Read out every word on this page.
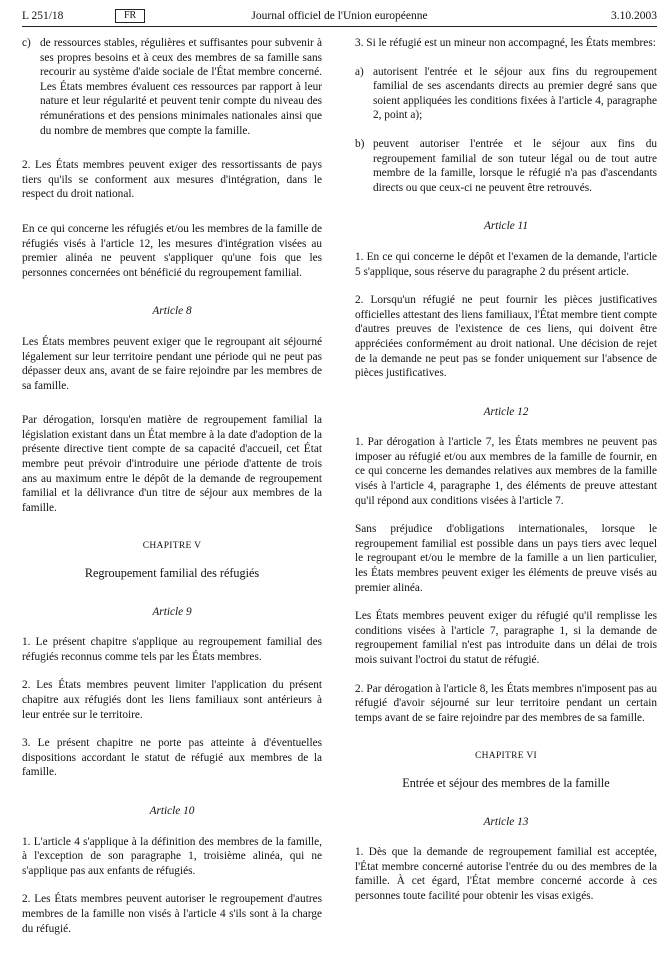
L 251/18	FR	Journal officiel de l'Union européenne	3.10.2003
c) de ressources stables, régulières et suffisantes pour subvenir à ses propres besoins et à ceux des membres de sa famille sans recourir au système d'aide sociale de l'État membre concerné. Les États membres évaluent ces ressources par rapport à leur nature et leur régularité et peuvent tenir compte du niveau des rémunérations et des pensions minimales nationales ainsi que du nombre de membres que compte la famille.

2. Les États membres peuvent exiger des ressortissants de pays tiers qu'ils se conforment aux mesures d'intégration, dans le respect du droit national.

En ce qui concerne les réfugiés et/ou les membres de la famille de réfugiés visés à l'article 12, les mesures d'intégration visées au premier alinéa ne peuvent s'appliquer qu'une fois que les personnes concernées ont bénéficié du regroupement familial.

Article 8

Les États membres peuvent exiger que le regroupant ait séjourné légalement sur leur territoire pendant une période qui ne peut pas dépasser deux ans, avant de se faire rejoindre par les membres de sa famille.

Par dérogation, lorsqu'en matière de regroupement familial la législation existant dans un État membre à la date d'adoption de la présente directive tient compte de sa capacité d'accueil, cet État membre peut prévoir d'introduire une période d'attente de trois ans au maximum entre le dépôt de la demande de regroupement familial et la délivrance d'un titre de séjour aux membres de la famille.

CHAPITRE V
Regroupement familial des réfugiés
Article 9

1. Le présent chapitre s'applique au regroupement familial des réfugiés reconnus comme tels par les États membres.

2. Les États membres peuvent limiter l'application du présent chapitre aux réfugiés dont les liens familiaux sont antérieurs à leur entrée sur le territoire.

3. Le présent chapitre ne porte pas atteinte à d'éventuelles dispositions accordant le statut de réfugié aux membres de la famille.

Article 10

1. L'article 4 s'applique à la définition des membres de la famille, à l'exception de son paragraphe 1, troisième alinéa, qui ne s'applique pas aux enfants de réfugiés.

2. Les États membres peuvent autoriser le regroupement d'autres membres de la famille non visés à l'article 4 s'ils sont à la charge du réfugié.

3. Si le réfugié est un mineur non accompagné, les États membres:

a) autorisent l'entrée et le séjour aux fins du regroupement familial de ses ascendants directs au premier degré sans que soient appliquées les conditions fixées à l'article 4, paragraphe 2, point a);
b) peuvent autoriser l'entrée et le séjour aux fins du regroupement familial de son tuteur légal ou de tout autre membre de la famille, lorsque le réfugié n'a pas d'ascendants directs ou que ceux-ci ne peuvent être retrouvés.
Article 11

1. En ce qui concerne le dépôt et l'examen de la demande, l'article 5 s'applique, sous réserve du paragraphe 2 du présent article.

2. Lorsqu'un réfugié ne peut fournir les pièces justificatives officielles attestant des liens familiaux, l'État membre tient compte d'autres preuves de l'existence de ces liens, qui doivent être appréciées conformément au droit national. Une décision de rejet de la demande ne peut pas se fonder uniquement sur l'absence de pièces justificatives.

Article 12

1. Par dérogation à l'article 7, les États membres ne peuvent pas imposer au réfugié et/ou aux membres de la famille de fournir, en ce qui concerne les demandes relatives aux membres de la famille visés à l'article 4, paragraphe 1, des éléments de preuve attestant qu'il répond aux conditions visées à l'article 7.

Sans préjudice d'obligations internationales, lorsque le regroupement familial est possible dans un pays tiers avec lequel le regroupant et/ou le membre de la famille a un lien particulier, les États membres peuvent exiger les éléments de preuve visés au premier alinéa.

Les États membres peuvent exiger du réfugié qu'il remplisse les conditions visées à l'article 7, paragraphe 1, si la demande de regroupement familial n'est pas introduite dans un délai de trois mois suivant l'octroi du statut de réfugié.

2. Par dérogation à l'article 8, les États membres n'imposent pas au réfugié d'avoir séjourné sur leur territoire pendant un certain temps avant de se faire rejoindre par des membres de sa famille.

CHAPITRE VI
Entrée et séjour des membres de la famille
Article 13

1. Dès que la demande de regroupement familial est acceptée, l'État membre concerné autorise l'entrée du ou des membres de la famille. À cet égard, l'État membre concerné accorde à ces personnes toute facilité pour obtenir les visas exigés.
